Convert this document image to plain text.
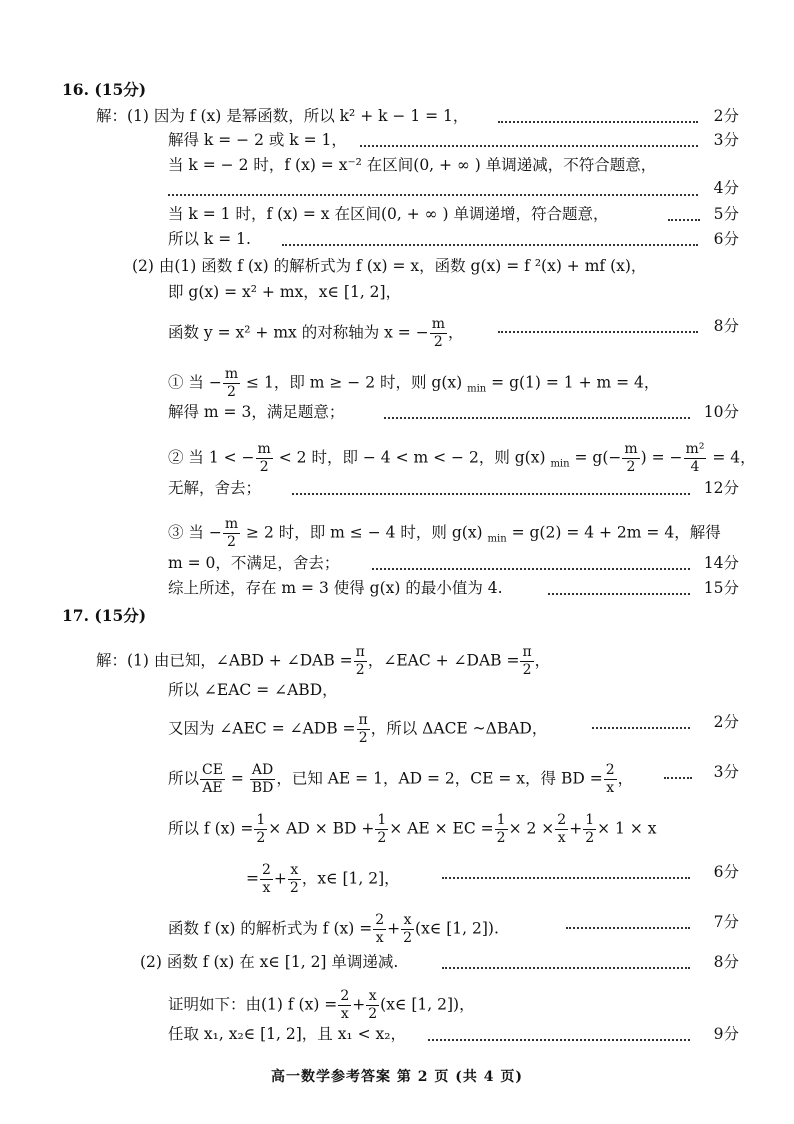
16. (15分)
解：(1) 因为 f (x) 是幂函数，所以 k² + k − 1 = 1，	2分
解得 k = − 2 或 k = 1，	3分
当 k = − 2 时，f (x) = x⁻² 在区间(0, + ∞ ) 单调递减，不符合题意，
4分
当 k = 1 时，f (x) = x 在区间(0, + ∞ ) 单调递增，符合题意，	5分
所以 k = 1.	6分
(2) 由(1) 函数 f (x) 的解析式为 f (x) = x，函数 g(x) = f ²(x) + mf (x)，
即 g(x) = x² + mx，x∈ [1, 2]，
函数 y = x² + mx 的对称轴为 x = − $\frac{m}{2}$ ，	8分
① 当 − $\frac{m}{2} \le 1$，即 m ≥ − 2 时，则 g(x) $_{min}$ = g(1) = 1 + m = 4，
解得 m = 3，满足题意；	10分
② 当 1 < − $\frac{m}{2} < 2$ 时，即 − 4 < m < − 2，则 g(x) $_{min} = g(- \frac{m}{2}$ ) = − $\frac{\text{m²}}{4} = 4$，
无解，舍去；	12分
③ 当 − $\frac{m}{2} \ge 2$ 时，即 m ≤ − 4 时，则 g(x) $_{min}$ = g(2) = 4 + 2m = 4，解得
m = 0，不满足，舍去；	14分
综上所述，存在 m = 3 使得 g(x) 的最小值为 4.	15分
17. (15分)
解：(1) 由已知，∠ABD + ∠DAB = $\frac{\pi}{2}$ ，∠EAC + ∠DAB = $\frac{\pi}{2}$ ，
所以 ∠EAC = ∠ABD，
又因为 ∠AEC = ∠ADB = $\frac{\pi}{2}$ ，所以 ΔACE ~ΔBAD，	2分
所以 $\frac{CE}{AE} = \frac{AD}{BD}$ ，已知 AE = 1，AD = 2，CE = x，得 BD = $\frac{2}{x}$ ，	3分
所以 f $(x) = \frac{1}{2}$ × AD × BD + $\frac{1}{2}$ × AE × EC = $\frac{1}{2} \times 2 \times \frac{2}{x} + \frac{1}{2} \times 1 \times x$
= $\frac{2}{x} + \frac{x}{2}$ ，x∈ [1, 2]，	6分
函数 f (x) 的解析式为 f $(x) = \frac{2}{x} + \frac{x}{2}$ (x∈ [1, 2]).	7分
(2) 函数 f (x) 在 x∈ [1, 2] 单调递减.	8分
证明如下：由(1) f $(x) = \frac{2}{x} + \frac{x}{2}$ (x∈ [1, 2])，
任取 x₁, x₂∈ [1, 2]，且 x₁ < x₂，	9分
高一数学参考答案 第 2 页 (共 4 页)
